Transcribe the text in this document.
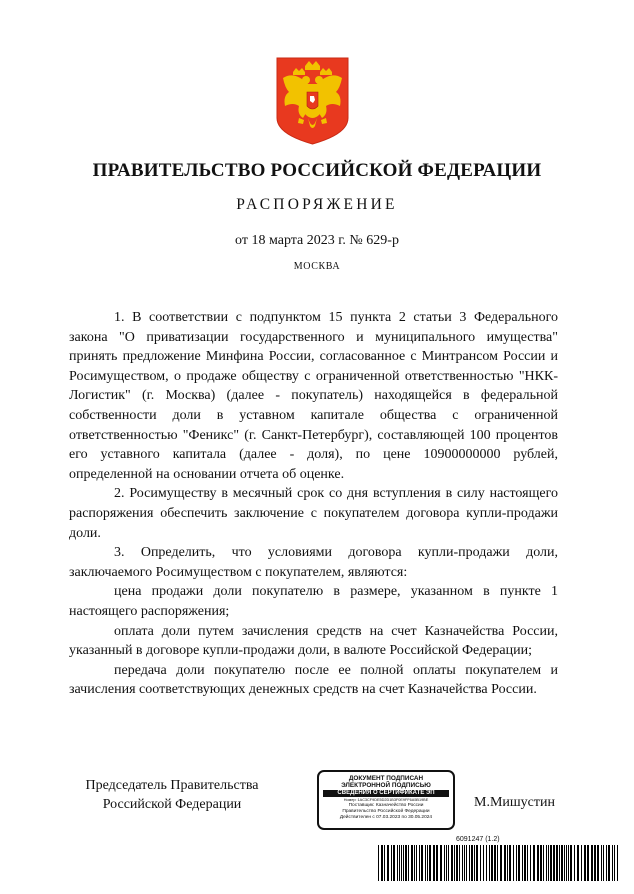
ПРАВИТЕЛЬСТВО РОССИЙСКОЙ ФЕДЕРАЦИИ
РАСПОРЯЖЕНИЕ
от 18 марта 2023 г. № 629-р
МОСКВА

1. В соответствии с подпунктом 15 пункта 2 статьи 3 Федерального закона "О приватизации государственного и муниципального имущества" принять предложение Минфина России, согласованное с Минтрансом России и Росимуществом, о продаже обществу с ограниченной ответственностью "НКК-Логистик" (г. Москва) (далее - покупатель) находящейся в федеральной собственности доли в уставном капитале общества с ограниченной ответственностью "Феникс" (г. Санкт-Петербург), составляющей 100 процентов его уставного капитала (далее - доля), по цене 10900000000 рублей, определенной на основании отчета об оценке.

2. Росимуществу в месячный срок со дня вступления в силу настоящего распоряжения обеспечить заключение с покупателем договора купли-продажи доли.

3. Определить, что условиями договора купли-продажи доли, заключаемого Росимуществом с покупателем, являются:

цена продажи доли покупателю в размере, указанном в пункте 1 настоящего распоряжения;

оплата доли путем зачисления средств на счет Казначейства России, указанный в договоре купли-продажи доли, в валюте Российской Федерации;

передача доли покупателю после ее полной оплаты покупателем и зачисления соответствующих денежных средств на счет Казначейства России.

Председатель Правительства
Российской Федерации
ДОКУМЕНТ ПОДПИСАН
ЭЛЕКТРОННОЙ ПОДПИСЬЮ
СВЕДЕНИЯ О СЕРТИФИКАТЕ ЭП
Номер: 1AC3CF9DE5D2D1B3F0E9FF6A5B19BE
Поставщик: Казначейство России
Правительство Российской Федерации
Действителен с 07.03.2023 по 30.05.2024
М.Мишустин
6091247 (1.2)
